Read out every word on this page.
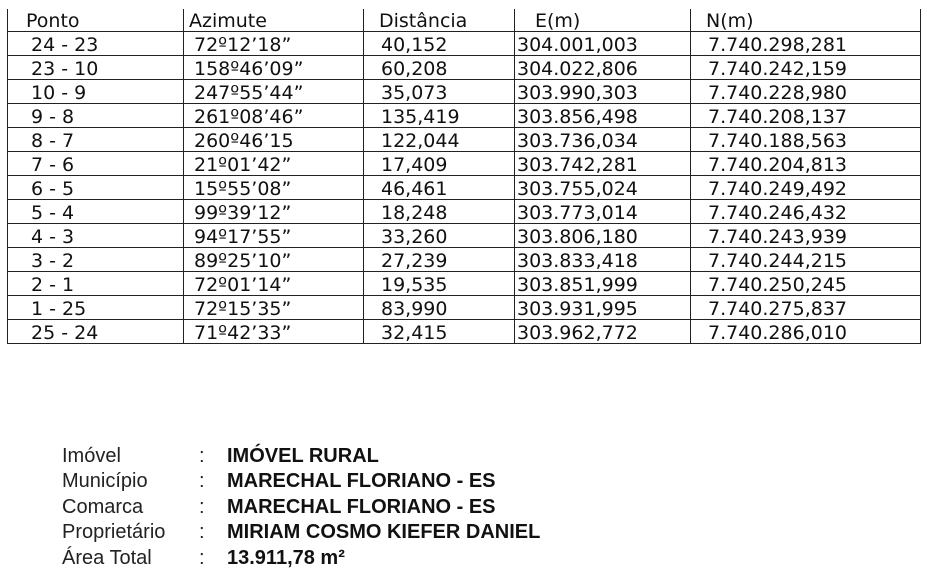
Ponto	Azimute	Distância	E(m)	N(m)
24 - 23	72º12’18”	40,152	304.001,003	7.740.298,281
23 - 10	158º46’09”	60,208	304.022,806	7.740.242,159
10 - 9	247º55’44”	35,073	303.990,303	7.740.228,980
9 - 8	261º08’46”	135,419	303.856,498	7.740.208,137
8 - 7	260º46’15	122,044	303.736,034	7.740.188,563
7 - 6	21º01’42”	17,409	303.742,281	7.740.204,813
6 - 5	15º55’08”	46,461	303.755,024	7.740.249,492
5 - 4	99º39’12”	18,248	303.773,014	7.740.246,432
4 - 3	94º17’55”	33,260	303.806,180	7.740.243,939
3 - 2	89º25’10”	27,239	303.833,418	7.740.244,215
2 - 1	72º01’14”	19,535	303.851,999	7.740.250,245
1 - 25	72º15’35”	83,990	303.931,995	7.740.275,837
25 - 24	71º42’33”	32,415	303.962,772	7.740.286,010
Imóvel	:	IMÓVEL RURAL
Município	:	MARECHAL FLORIANO - ES
Comarca	:	MARECHAL FLORIANO - ES
Proprietário	:	MIRIAM COSMO KIEFER DANIEL
Área Total	:	13.911,78 m²
